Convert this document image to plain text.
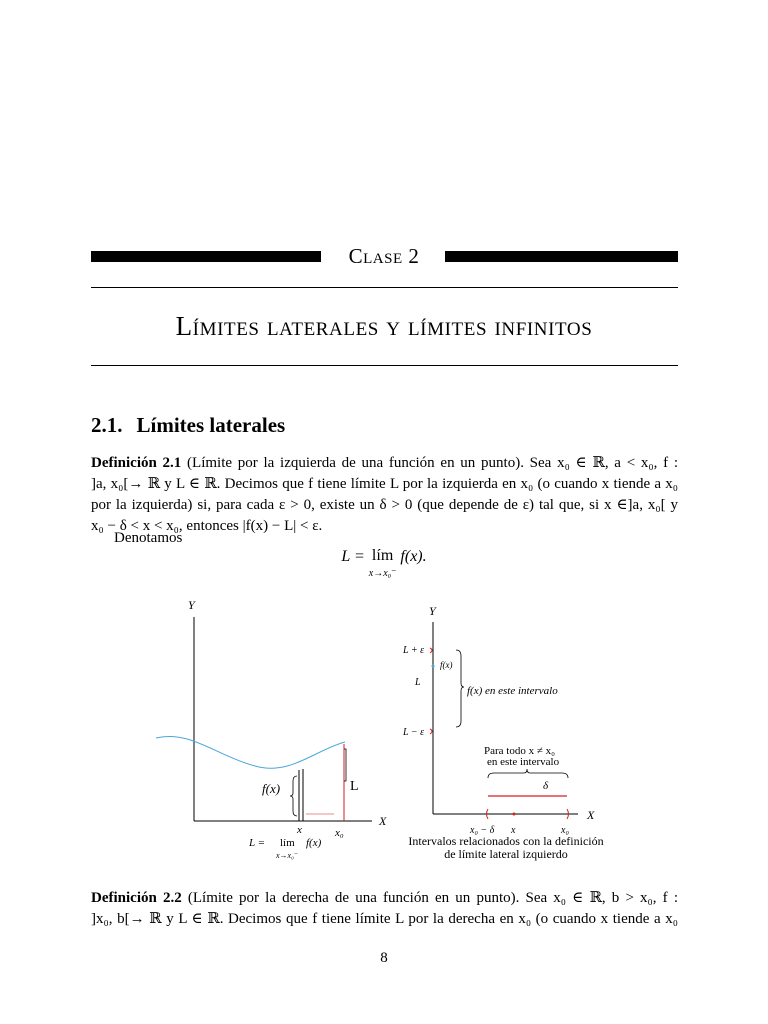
Clase 2
Límites laterales y límites infinitos
2.1. Límites laterales
Definición 2.1 (Límite por la izquierda de una función en un punto). Sea x₀ ∈ ℝ, a < x₀, f :
]a, x₀[→ ℝ y L ∈ ℝ. Decimos que f tiene límite L por la izquierda en x₀ (o cuando x tiende a x₀
por la izquierda) si, para cada ε > 0, existe un δ > 0 (que depende de ε) tal que, si x ∈]a, x₀[ y
x₀ − δ < x < x₀, entonces |f(x) − L| < ε.
Denotamos
L = lím
x→x₀⁻ f(x).
Y
X
f(x)	L
x	x₀
L = lím
x→x₀⁻
f(x)
Y
X
L + ε
L
L − ε
f(x)
f(x) en este intervalo
Para todo x ≠ x₀
en este intervalo
δ
x₀ − δ x	x₀
Intervalos relacionados con la definición
de límite lateral izquierdo
Definición 2.2 (Límite por la derecha de una función en un punto). Sea x₀ ∈ ℝ, b > x₀, f :
]x₀, b[→ ℝ y L ∈ ℝ. Decimos que f tiene límite L por la derecha en x₀ (o cuando x tiende a x₀
8
